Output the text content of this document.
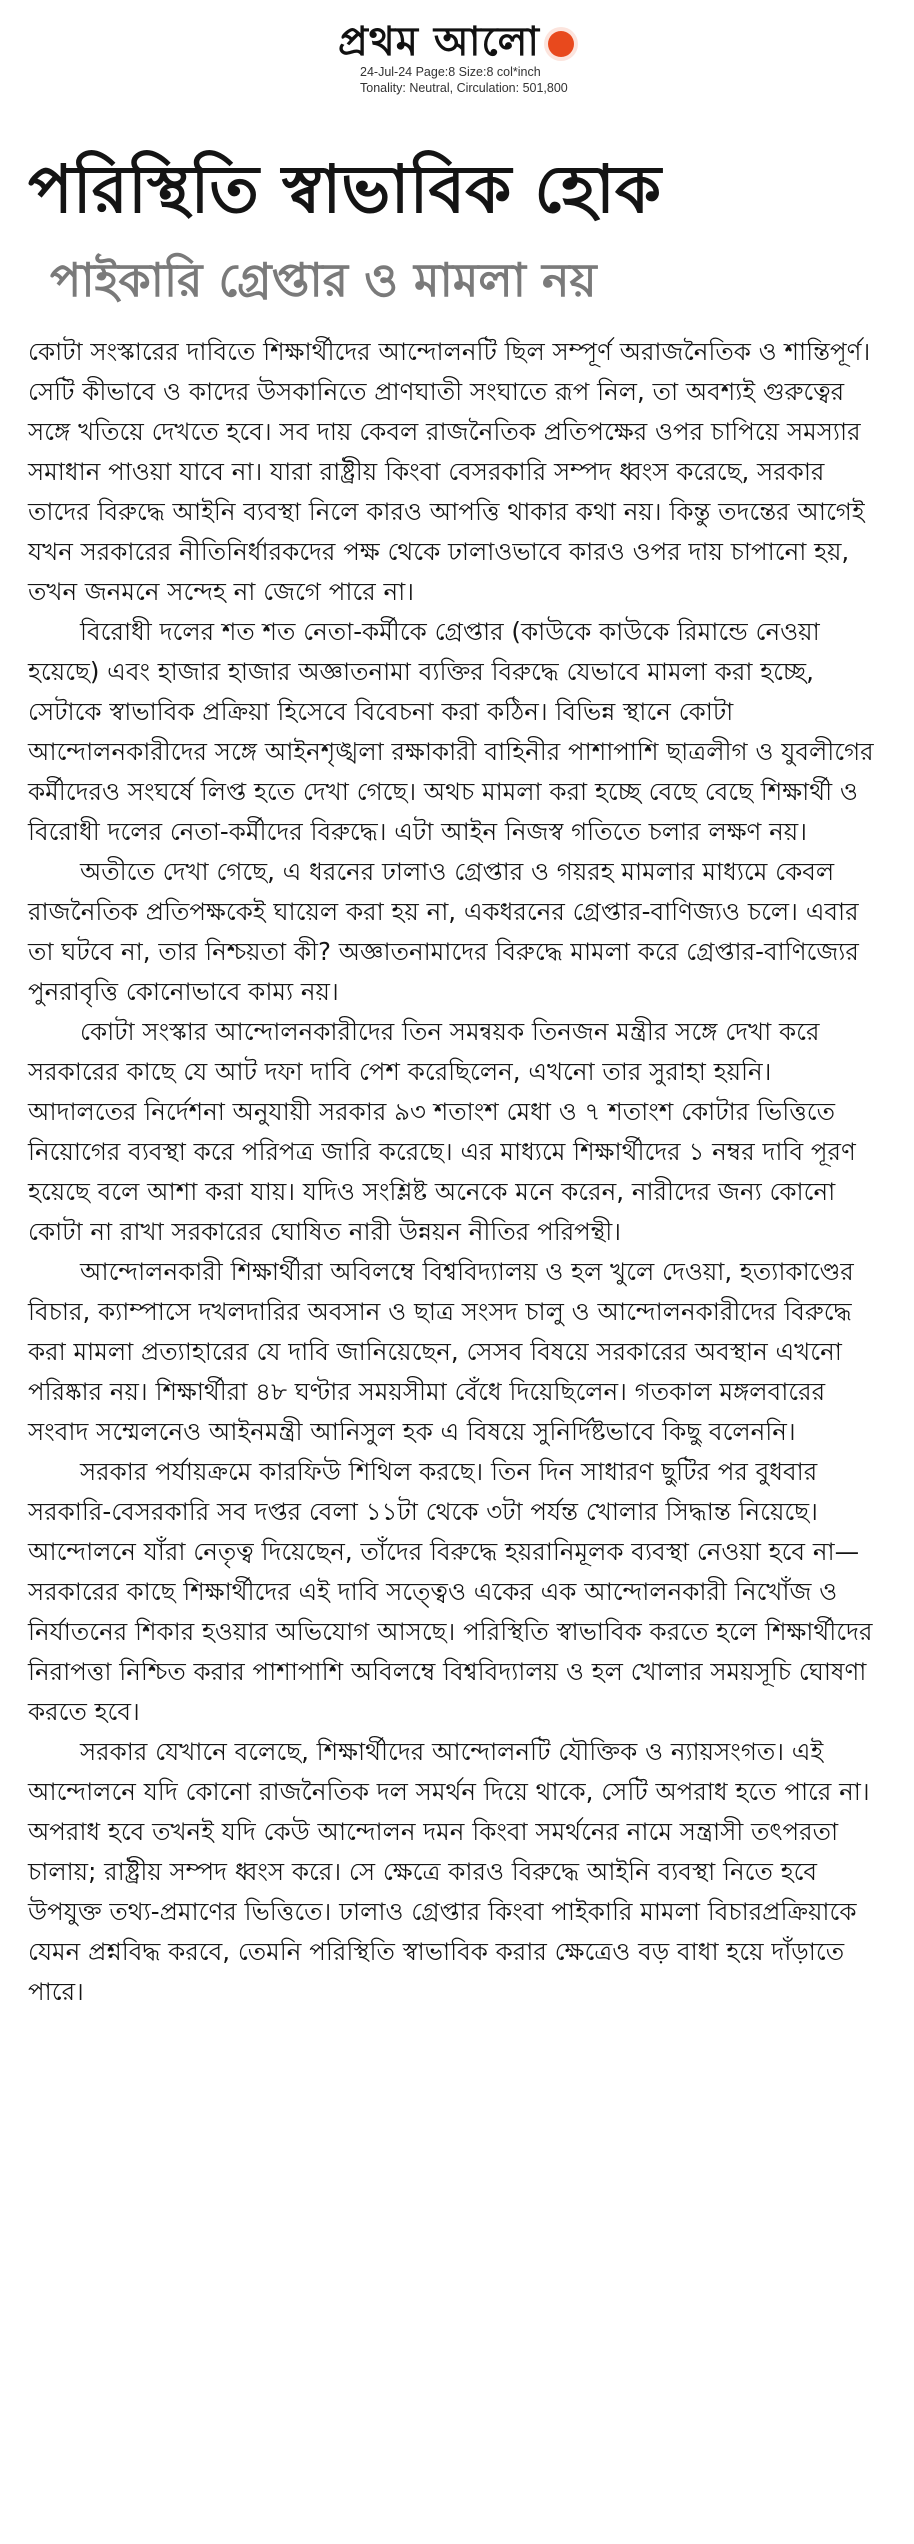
প্রথম আলো
24-Jul-24 Page:8 Size:8 col*inch
Tonality: Neutral, Circulation: 501,800
পরিস্থিতি স্বাভাবিক হোক
পাইকারি গ্রেপ্তার ও মামলা নয়

কোটা সংস্কারের দাবিতে শিক্ষার্থীদের আন্দোলনটি ছিল সম্পূর্ণ অরাজনৈতিক ও শান্তিপূর্ণ। সেটি কীভাবে ও কাদের উসকানিতে প্রাণঘাতী সংঘাতে রূপ নিল, তা অবশ্যই গুরুত্বের সঙ্গে খতিয়ে দেখতে হবে। সব দায় কেবল রাজনৈতিক প্রতিপক্ষের ওপর চাপিয়ে সমস্যার সমাধান পাওয়া যাবে না। যারা রাষ্ট্রীয় কিংবা বেসরকারি সম্পদ ধ্বংস করেছে, সরকার তাদের বিরুদ্ধে আইনি ব্যবস্থা নিলে কারও আপত্তি থাকার কথা নয়। কিন্তু তদন্তের আগেই যখন সরকারের নীতিনির্ধারকদের পক্ষ থেকে ঢালাওভাবে কারও ওপর দায় চাপানো হয়, তখন জনমনে সন্দেহ না জেগে পারে না।

বিরোধী দলের শত শত নেতা-কর্মীকে গ্রেপ্তার (কাউকে কাউকে রিমান্ডে নেওয়া হয়েছে) এবং হাজার হাজার অজ্ঞাতনামা ব্যক্তির বিরুদ্ধে যেভাবে মামলা করা হচ্ছে, সেটাকে স্বাভাবিক প্রক্রিয়া হিসেবে বিবেচনা করা কঠিন। বিভিন্ন স্থানে কোটা আন্দোলনকারীদের সঙ্গে আইনশৃঙ্খলা রক্ষাকারী বাহিনীর পাশাপাশি ছাত্রলীগ ও যুবলীগের কর্মীদেরও সংঘর্ষে লিপ্ত হতে দেখা গেছে। অথচ মামলা করা হচ্ছে বেছে বেছে শিক্ষার্থী ও বিরোধী দলের নেতা-কর্মীদের বিরুদ্ধে। এটা আইন নিজস্ব গতিতে চলার লক্ষণ নয়।

অতীতে দেখা গেছে, এ ধরনের ঢালাও গ্রেপ্তার ও গয়রহ মামলার মাধ্যমে কেবল রাজনৈতিক প্রতিপক্ষকেই ঘায়েল করা হয় না, একধরনের গ্রেপ্তার-বাণিজ্যও চলে। এবার তা ঘটবে না, তার নিশ্চয়তা কী? অজ্ঞাতনামাদের বিরুদ্ধে মামলা করে গ্রেপ্তার-বাণিজ্যের পুনরাবৃত্তি কোনোভাবে কাম্য নয়।

কোটা সংস্কার আন্দোলনকারীদের তিন সমন্বয়ক তিনজন মন্ত্রীর সঙ্গে দেখা করে সরকারের কাছে যে আট দফা দাবি পেশ করেছিলেন, এখনো তার সুরাহা হয়নি। আদালতের নির্দেশনা অনুযায়ী সরকার ৯৩ শতাংশ মেধা ও ৭ শতাংশ কোটার ভিত্তিতে নিয়োগের ব্যবস্থা করে পরিপত্র জারি করেছে। এর মাধ্যমে শিক্ষার্থীদের ১ নম্বর দাবি পূরণ হয়েছে বলে আশা করা যায়। যদিও সংশ্লিষ্ট অনেকে মনে করেন, নারীদের জন্য কোনো কোটা না রাখা সরকারের ঘোষিত নারী উন্নয়ন নীতির পরিপন্থী।

আন্দোলনকারী শিক্ষার্থীরা অবিলম্বে বিশ্ববিদ্যালয় ও হল খুলে দেওয়া, হত্যাকাণ্ডের বিচার, ক্যাম্পাসে দখলদারির অবসান ও ছাত্র সংসদ চালু ও আন্দোলনকারীদের বিরুদ্ধে করা মামলা প্রত্যাহারের যে দাবি জানিয়েছেন, সেসব বিষয়ে সরকারের অবস্থান এখনো পরিষ্কার নয়। শিক্ষার্থীরা ৪৮ ঘণ্টার সময়সীমা বেঁধে দিয়েছিলেন। গতকাল মঙ্গলবারের সংবাদ সম্মেলনেও আইনমন্ত্রী আনিসুল হক এ বিষয়ে সুনির্দিষ্টভাবে কিছু বলেননি।

সরকার পর্যায়ক্রমে কারফিউ শিথিল করছে। তিন দিন সাধারণ ছুটির পর বুধবার সরকারি-বেসরকারি সব দপ্তর বেলা ১১টা থেকে ৩টা পর্যন্ত খোলার সিদ্ধান্ত নিয়েছে। আন্দোলনে যাঁরা নেতৃত্ব দিয়েছেন, তাঁদের বিরুদ্ধে হয়রানিমূলক ব্যবস্থা নেওয়া হবে না—সরকারের কাছে শিক্ষার্থীদের এই দাবি সত্ত্বেও একের এক আন্দোলনকারী নিখোঁজ ও নির্যাতনের শিকার হওয়ার অভিযোগ আসছে। পরিস্থিতি স্বাভাবিক করতে হলে শিক্ষার্থীদের নিরাপত্তা নিশ্চিত করার পাশাপাশি অবিলম্বে বিশ্ববিদ্যালয় ও হল খোলার সময়সূচি ঘোষণা করতে হবে।

সরকার যেখানে বলেছে, শিক্ষার্থীদের আন্দোলনটি যৌক্তিক ও ন্যায়সংগত। এই আন্দোলনে যদি কোনো রাজনৈতিক দল সমর্থন দিয়ে থাকে, সেটি অপরাধ হতে পারে না। অপরাধ হবে তখনই যদি কেউ আন্দোলন দমন কিংবা সমর্থনের নামে সন্ত্রাসী তৎপরতা চালায়; রাষ্ট্রীয় সম্পদ ধ্বংস করে। সে ক্ষেত্রে কারও বিরুদ্ধে আইনি ব্যবস্থা নিতে হবে উপযুক্ত তথ্য-প্রমাণের ভিত্তিতে। ঢালাও গ্রেপ্তার কিংবা পাইকারি মামলা বিচারপ্রক্রিয়াকে যেমন প্রশ্নবিদ্ধ করবে, তেমনি পরিস্থিতি স্বাভাবিক করার ক্ষেত্রেও বড় বাধা হয়ে দাঁড়াতে পারে।
